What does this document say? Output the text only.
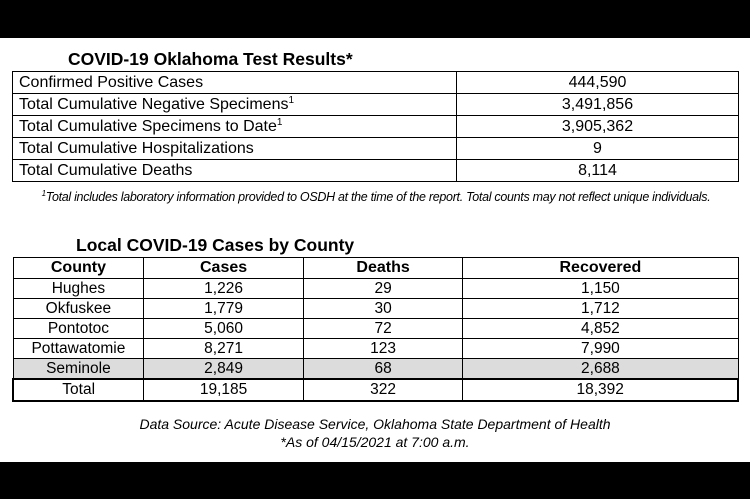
COVID-19 Oklahoma Test Results*
Confirmed Positive Cases	444,590
Total Cumulative Negative Specimens$^1$	3,491,856
Total Cumulative Specimens to Date$^1$	3,905,362
Total Cumulative Hospitalizations	9
Total Cumulative Deaths	8,114
$^1$Total includes laboratory information provided to OSDH at the time of the report. Total counts may not reflect unique individuals.
Local COVID-19 Cases by County
County	Cases	Deaths	Recovered
Hughes	1,226	29	1,150
Okfuskee	1,779	30	1,712
Pontotoc	5,060	72	4,852
Pottawatomie	8,271	123	7,990
Seminole	2,849	68	2,688
Total	19,185	322	18,392
Data Source: Acute Disease Service, Oklahoma State Department of Health
*As of 04/15/2021 at 7:00 a.m.
